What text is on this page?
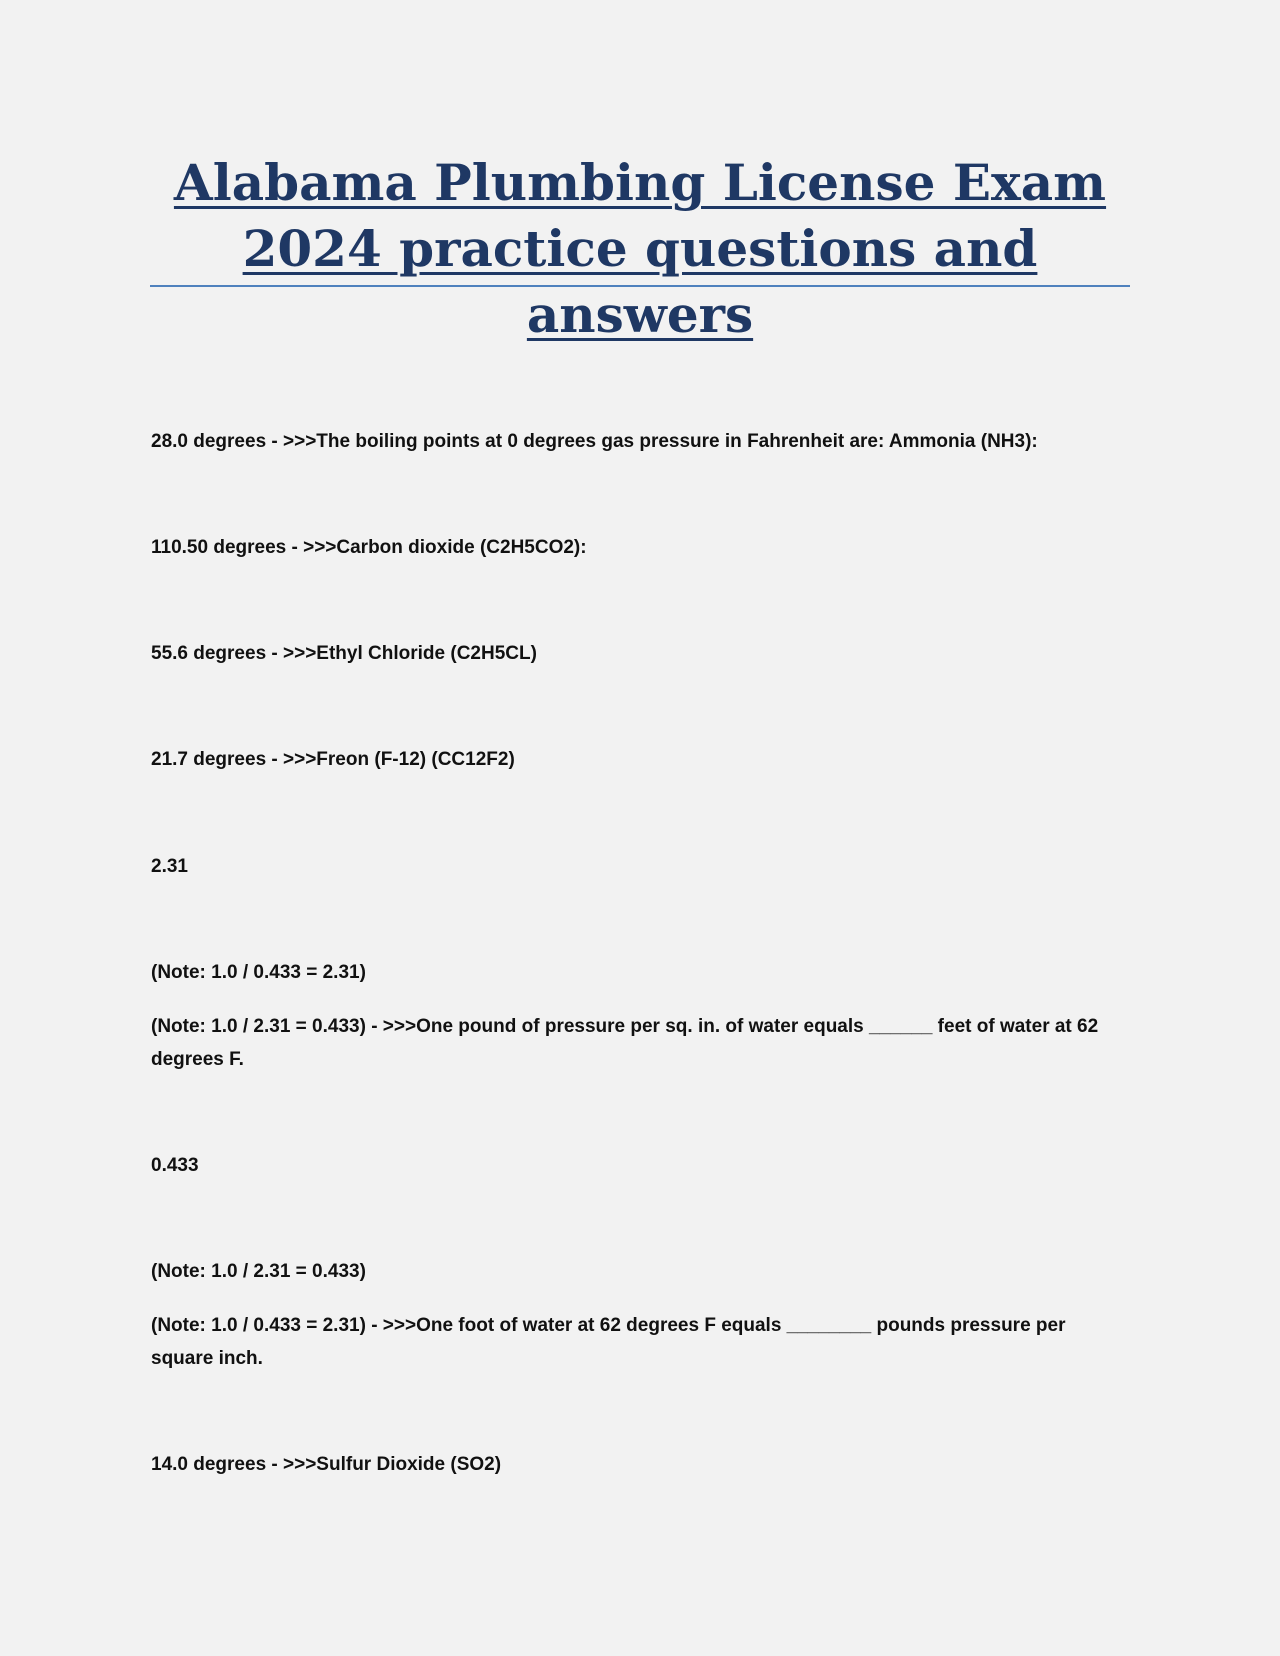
Alabama Plumbing License Exam
2024 practice questions and answers

28.0 degrees - >>>The boiling points at 0 degrees gas pressure in Fahrenheit are: Ammonia (NH3):

110.50 degrees - >>>Carbon dioxide (C2H5CO2):

55.6 degrees - >>>Ethyl Chloride (C2H5CL)

21.7 degrees - >>>Freon (F-12) (CC12F2)

2.31

(Note: 1.0 / 0.433 = 2.31)

(Note: 1.0 / 2.31 = 0.433) - >>>One pound of pressure per sq. in. of water equals ______ feet of water at 62 degrees F.

0.433

(Note: 1.0 / 2.31 = 0.433)

(Note: 1.0 / 0.433 = 2.31) - >>>One foot of water at 62 degrees F equals ________ pounds pressure per square inch.

14.0 degrees - >>>Sulfur Dioxide (SO2)
